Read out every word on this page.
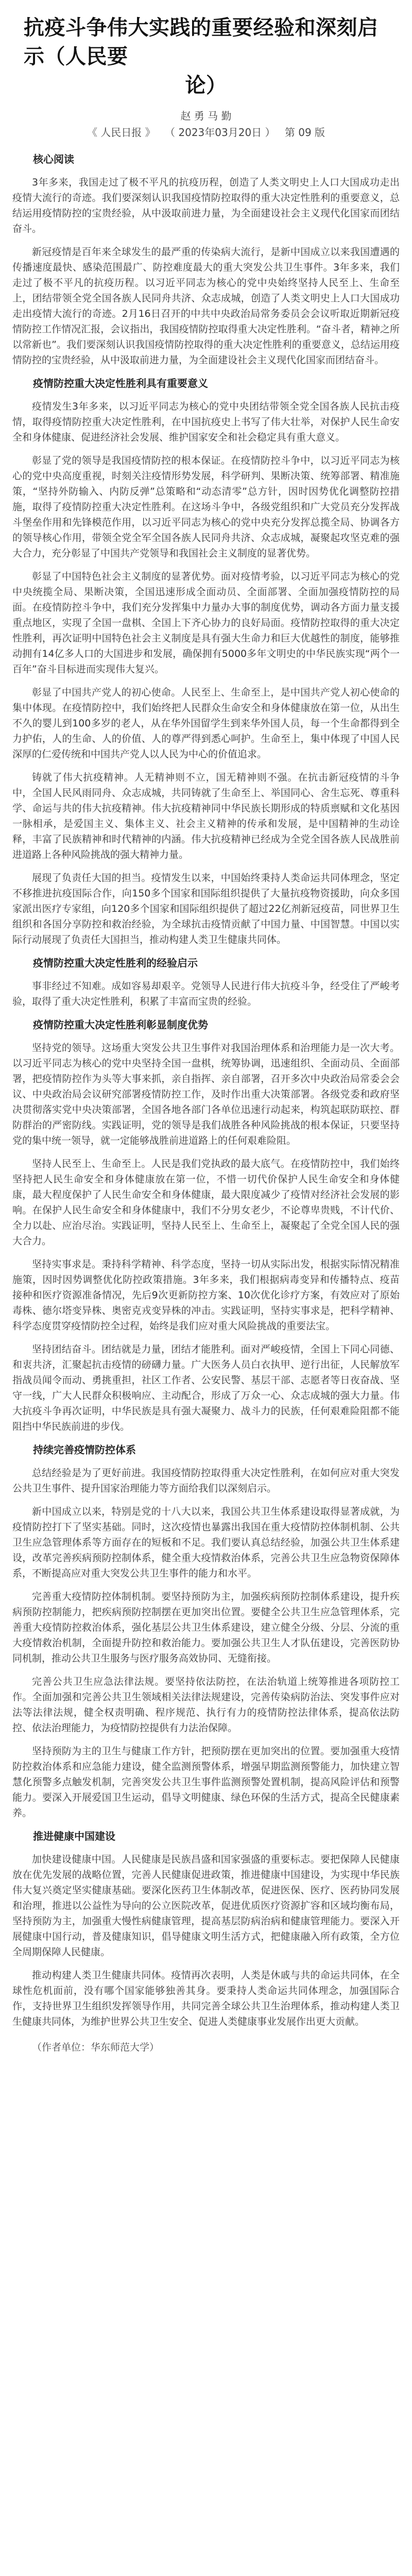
抗疫斗争伟大实践的重要经验和深刻启示（人民要
论）
赵 勇 马 勤
《 人民日报 》 （ 2023年03月20日 ） 第 09 版
核心阅读

3年多来，我国走过了极不平凡的抗疫历程，创造了人类文明史上人口大国成功走出疫情大流行的奇迹。我们要深刻认识我国疫情防控取得的重大决定性胜利的重要意义，总结运用疫情防控的宝贵经验，从中汲取前进力量，为全面建设社会主义现代化国家而团结奋斗。

新冠疫情是百年来全球发生的最严重的传染病大流行，是新中国成立以来我国遭遇的传播速度最快、感染范围最广、防控难度最大的重大突发公共卫生事件。3年多来，我们走过了极不平凡的抗疫历程。以习近平同志为核心的党中央始终坚持人民至上、生命至上，团结带领全党全国各族人民同舟共济、众志成城，创造了人类文明史上人口大国成功走出疫情大流行的奇迹。2月16日召开的中共中央政治局常务委员会会议听取近期新冠疫情防控工作情况汇报，会议指出，我国疫情防控取得重大决定性胜利。“奋斗者，精神之所以常新也”。我们要深刻认识我国疫情防控取得的重大决定性胜利的重要意义，总结运用疫情防控的宝贵经验，从中汲取前进力量，为全面建设社会主义现代化国家而团结奋斗。

疫情防控重大决定性胜利具有重要意义

疫情发生3年多来，以习近平同志为核心的党中央团结带领全党全国各族人民抗击疫情，取得疫情防控重大决定性胜利，在中国抗疫史上书写了伟大壮举，对保护人民生命安全和身体健康、促进经济社会发展、维护国家安全和社会稳定具有重大意义。

彰显了党的领导是我国疫情防控的根本保证。在疫情防控斗争中，以习近平同志为核心的党中央高度重视，时刻关注疫情形势发展，科学研判、果断决策、统筹部署、精准施策，“坚持外防输入、内防反弹”总策略和“动态清零”总方针，因时因势优化调整防控措施，取得了疫情防控重大决定性胜利。在这场斗争中，各级党组织和广大党员充分发挥战斗堡垒作用和先锋模范作用，以习近平同志为核心的党中央充分发挥总揽全局、协调各方的领导核心作用，带领全党全军全国各族人民同舟共济、众志成城，凝聚起攻坚克难的强大合力，充分彰显了中国共产党领导和我国社会主义制度的显著优势。

彰显了中国特色社会主义制度的显著优势。面对疫情考验，以习近平同志为核心的党中央统揽全局、果断决策，全国迅速形成全面动员、全面部署、全面加强疫情防控的局面。在疫情防控斗争中，我们充分发挥集中力量办大事的制度优势，调动各方面力量支援重点地区，实现了全国一盘棋、全国上下齐心协力的良好局面。疫情防控取得的重大决定性胜利，再次证明中国特色社会主义制度是具有强大生命力和巨大优越性的制度，能够推动拥有14亿多人口的大国进步和发展，确保拥有5000多年文明史的中华民族实现“两个一百年”奋斗目标进而实现伟大复兴。

彰显了中国共产党人的初心使命。人民至上、生命至上，是中国共产党人初心使命的集中体现。在疫情防控中，我们始终把人民群众生命安全和身体健康放在第一位，从出生不久的婴儿到100多岁的老人，从在华外国留学生到来华外国人员，每一个生命都得到全力护佑，人的生命、人的价值、人的尊严得到悉心呵护。生命至上，集中体现了中国人民深厚的仁爱传统和中国共产党人以人民为中心的价值追求。

铸就了伟大抗疫精神。人无精神则不立，国无精神则不强。在抗击新冠疫情的斗争中，全国人民风雨同舟、众志成城，共同铸就了生命至上、举国同心、舍生忘死、尊重科学、命运与共的伟大抗疫精神。伟大抗疫精神同中华民族长期形成的特质禀赋和文化基因一脉相承，是爱国主义、集体主义、社会主义精神的传承和发展，是中国精神的生动诠释，丰富了民族精神和时代精神的内涵。伟大抗疫精神已经成为全党全国各族人民战胜前进道路上各种风险挑战的强大精神力量。

展现了负责任大国的担当。疫情发生以来，中国始终秉持人类命运共同体理念，坚定不移推进抗疫国际合作，向150多个国家和国际组织提供了大量抗疫物资援助，向众多国家派出医疗专家组，向120多个国家和国际组织提供了超过22亿剂新冠疫苗，同世界卫生组织和各国分享防控和救治经验，为全球抗击疫情贡献了中国力量、中国智慧。中国以实际行动展现了负责任大国担当，推动构建人类卫生健康共同体。

疫情防控重大决定性胜利的经验启示

事非经过不知难。成如容易却艰辛。党领导人民进行伟大抗疫斗争，经受住了严峻考验，取得了重大决定性胜利，积累了丰富而宝贵的经验。

疫情防控重大决定性胜利彰显制度优势

坚持党的领导。这场重大突发公共卫生事件对我国治理体系和治理能力是一次大考。以习近平同志为核心的党中央坚持全国一盘棋，统筹协调，迅速组织、全面动员、全面部署，把疫情防控作为头等大事来抓，亲自指挥、亲自部署，召开多次中央政治局常委会会议、中央政治局会议研究部署疫情防控工作，及时作出重大决策部署。各级党委和政府坚决贯彻落实党中央决策部署，全国各地各部门各单位迅速行动起来，构筑起联防联控、群防群治的严密防线。实践证明，党的领导是我们战胜各种风险挑战的根本保证，只要坚持党的集中统一领导，就一定能够战胜前进道路上的任何艰难险阻。

坚持人民至上、生命至上。人民是我们党执政的最大底气。在疫情防控中，我们始终坚持把人民生命安全和身体健康放在第一位，不惜一切代价保护人民生命安全和身体健康，最大程度保护了人民生命安全和身体健康，最大限度减少了疫情对经济社会发展的影响。在保护人民生命安全和身体健康中，我们不分男女老少，不论尊卑贵贱，不计代价、全力以赴、应治尽治。实践证明，坚持人民至上、生命至上，凝聚起了全党全国人民的强大合力。

坚持实事求是。秉持科学精神、科学态度，坚持一切从实际出发，根据实际情况精准施策，因时因势调整优化防控政策措施。3年多来，我们根据病毒变异和传播特点、疫苗接种和医疗资源准备情况，先后9次更新防控方案、10次优化诊疗方案，有效应对了原始毒株、德尔塔变异株、奥密克戎变异株的冲击。实践证明，坚持实事求是，把科学精神、科学态度贯穿疫情防控全过程，始终是我们应对重大风险挑战的重要法宝。

坚持团结奋斗。团结就是力量，团结才能胜利。面对严峻疫情，全国上下同心同德、和衷共济，汇聚起抗击疫情的磅礴力量。广大医务人员白衣执甲、逆行出征，人民解放军指战员闻令而动、勇挑重担，社区工作者、公安民警、基层干部、志愿者等日夜奋战、坚守一线，广大人民群众积极响应、主动配合，形成了万众一心、众志成城的强大力量。伟大抗疫斗争再次证明，中华民族是具有强大凝聚力、战斗力的民族，任何艰难险阻都不能阻挡中华民族前进的步伐。

持续完善疫情防控体系

总结经验是为了更好前进。我国疫情防控取得重大决定性胜利，在如何应对重大突发公共卫生事件、提升国家治理能力等方面给我们以深刻启示。

新中国成立以来，特别是党的十八大以来，我国公共卫生体系建设取得显著成就，为疫情防控打下了坚实基础。同时，这次疫情也暴露出我国在重大疫情防控体制机制、公共卫生应急管理体系等方面存在的短板和不足。我们要认真总结经验，加强公共卫生体系建设，改革完善疾病预防控制体系，健全重大疫情救治体系，完善公共卫生应急物资保障体系，不断提高应对重大突发公共卫生事件的能力和水平。

完善重大疫情防控体制机制。要坚持预防为主，加强疾病预防控制体系建设，提升疾病预防控制能力，把疾病预防控制摆在更加突出位置。要健全公共卫生应急管理体系，完善重大疫情防控救治体系，强化基层公共卫生体系建设，建立健全分级、分层、分流的重大疫情救治机制，全面提升防控和救治能力。要加强公共卫生人才队伍建设，完善医防协同机制，推动公共卫生服务与医疗服务高效协同、无缝衔接。

完善公共卫生应急法律法规。要坚持依法防控，在法治轨道上统筹推进各项防控工作。全面加强和完善公共卫生领域相关法律法规建设，完善传染病防治法、突发事件应对法等法律法规，健全权责明确、程序规范、执行有力的疫情防控法律体系，提高依法防控、依法治理能力，为疫情防控提供有力法治保障。

坚持预防为主的卫生与健康工作方针，把预防摆在更加突出的位置。要加强重大疫情防控救治体系和应急能力建设，健全监测预警体系，增强早期监测预警能力，加快建立智慧化预警多点触发机制，完善突发公共卫生事件监测预警处置机制，提高风险评估和预警能力。要深入开展爱国卫生运动，倡导文明健康、绿色环保的生活方式，提高全民健康素养。

推进健康中国建设

加快建设健康中国。人民健康是民族昌盛和国家强盛的重要标志。要把保障人民健康放在优先发展的战略位置，完善人民健康促进政策，推进健康中国建设，为实现中华民族伟大复兴奠定坚实健康基础。要深化医药卫生体制改革，促进医保、医疗、医药协同发展和治理，推进以公益性为导向的公立医院改革，促进优质医疗资源扩容和区域均衡布局，坚持预防为主，加强重大慢性病健康管理，提高基层防病治病和健康管理能力。要深入开展健康中国行动，普及健康知识，倡导健康文明生活方式，把健康融入所有政策，全方位全周期保障人民健康。

推动构建人类卫生健康共同体。疫情再次表明，人类是休戚与共的命运共同体，在全球性危机面前，没有哪个国家能够独善其身。要秉持人类命运共同体理念，加强国际合作，支持世界卫生组织发挥领导作用，共同完善全球公共卫生治理体系，推动构建人类卫生健康共同体，为维护世界公共卫生安全、促进人类健康事业发展作出更大贡献。

（作者单位：华东师范大学）
